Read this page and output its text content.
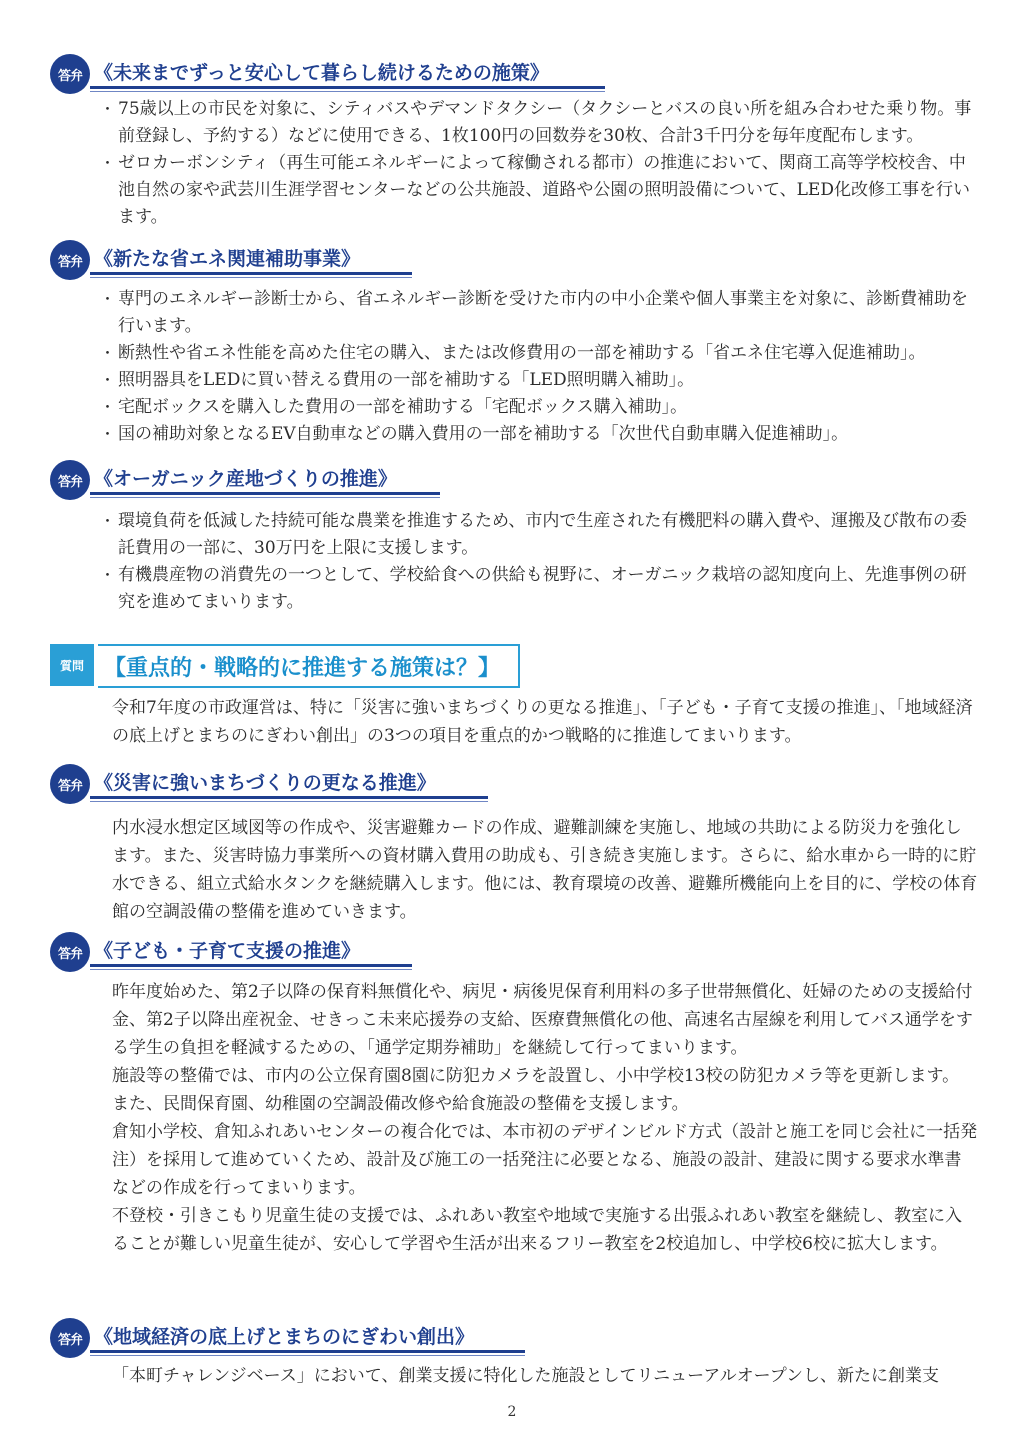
答弁 《未来までずっと安心して暮らし続けるための施策》

・ 75歳以上の市民を対象に、シティバスやデマンドタクシー（タクシーとバスの良い所を組み合わせた乗り物。事前登録し、予約する）などに使用できる、1枚100円の回数券を30枚、合計3千円分を毎年度配布します。

・ ゼロカーボンシティ（再生可能エネルギーによって稼働される都市）の推進において、関商工高等学校校舎、中池自然の家や武芸川生涯学習センターなどの公共施設、道路や公園の照明設備について、LED化改修工事を行います。

答弁 《新たな省エネ関連補助事業》

・ 専門のエネルギー診断士から、省エネルギー診断を受けた市内の中小企業や個人事業主を対象に、診断費補助を行います。

・ 断熱性や省エネ性能を高めた住宅の購入、または改修費用の一部を補助する「省エネ住宅導入促進補助」。

・ 照明器具をLEDに買い替える費用の一部を補助する「LED照明購入補助」。

・ 宅配ボックスを購入した費用の一部を補助する「宅配ボックス購入補助」。

・ 国の補助対象となるEV自動車などの購入費用の一部を補助する「次世代自動車購入促進補助」。

答弁 《オーガニック産地づくりの推進》

・ 環境負荷を低減した持続可能な農業を推進するため、市内で生産された有機肥料の購入費や、運搬及び散布の委託費用の一部に、30万円を上限に支援します。

・ 有機農産物の消費先の一つとして、学校給食への供給も視野に、オーガニック栽培の認知度向上、先進事例の研究を進めてまいります。

質問 【重点的・戦略的に推進する施策は？】

令和7年度の市政運営は、特に「災害に強いまちづくりの更なる推進」、「子ども・子育て支援の推進」、「地域経済の底上げとまちのにぎわい創出」の3つの項目を重点的かつ戦略的に推進してまいります。

答弁 《災害に強いまちづくりの更なる推進》

内水浸水想定区域図等の作成や、災害避難カードの作成、避難訓練を実施し、地域の共助による防災力を強化します。また、災害時協力事業所への資材購入費用の助成も、引き続き実施します。さらに、給水車から一時的に貯水できる、組立式給水タンクを継続購入します。他には、教育環境の改善、避難所機能向上を目的に、学校の体育館の空調設備の整備を進めていきます。

答弁 《子ども・子育て支援の推進》

昨年度始めた、第2子以降の保育料無償化や、病児・病後児保育利用料の多子世帯無償化、妊婦のための支援給付金、第2子以降出産祝金、せきっこ未来応援券の支給、医療費無償化の他、高速名古屋線を利用してバス通学をする学生の負担を軽減するための、「通学定期券補助」を継続して行ってまいります。

施設等の整備では、市内の公立保育園8園に防犯カメラを設置し、小中学校13校の防犯カメラ等を更新します。

また、民間保育園、幼稚園の空調設備改修や給食施設の整備を支援します。

倉知小学校、倉知ふれあいセンターの複合化では、本市初のデザインビルド方式（設計と施工を同じ会社に一括発注）を採用して進めていくため、設計及び施工の一括発注に必要となる、施設の設計、建設に関する要求水準書などの作成を行ってまいります。

不登校・引きこもり児童生徒の支援では、ふれあい教室や地域で実施する出張ふれあい教室を継続し、教室に入ることが難しい児童生徒が、安心して学習や生活が出来るフリー教室を2校追加し、中学校6校に拡大します。

答弁 《地域経済の底上げとまちのにぎわい創出》

「本町チャレンジベース」において、創業支援に特化した施設としてリニューアルオープンし、新たに創業支

2
